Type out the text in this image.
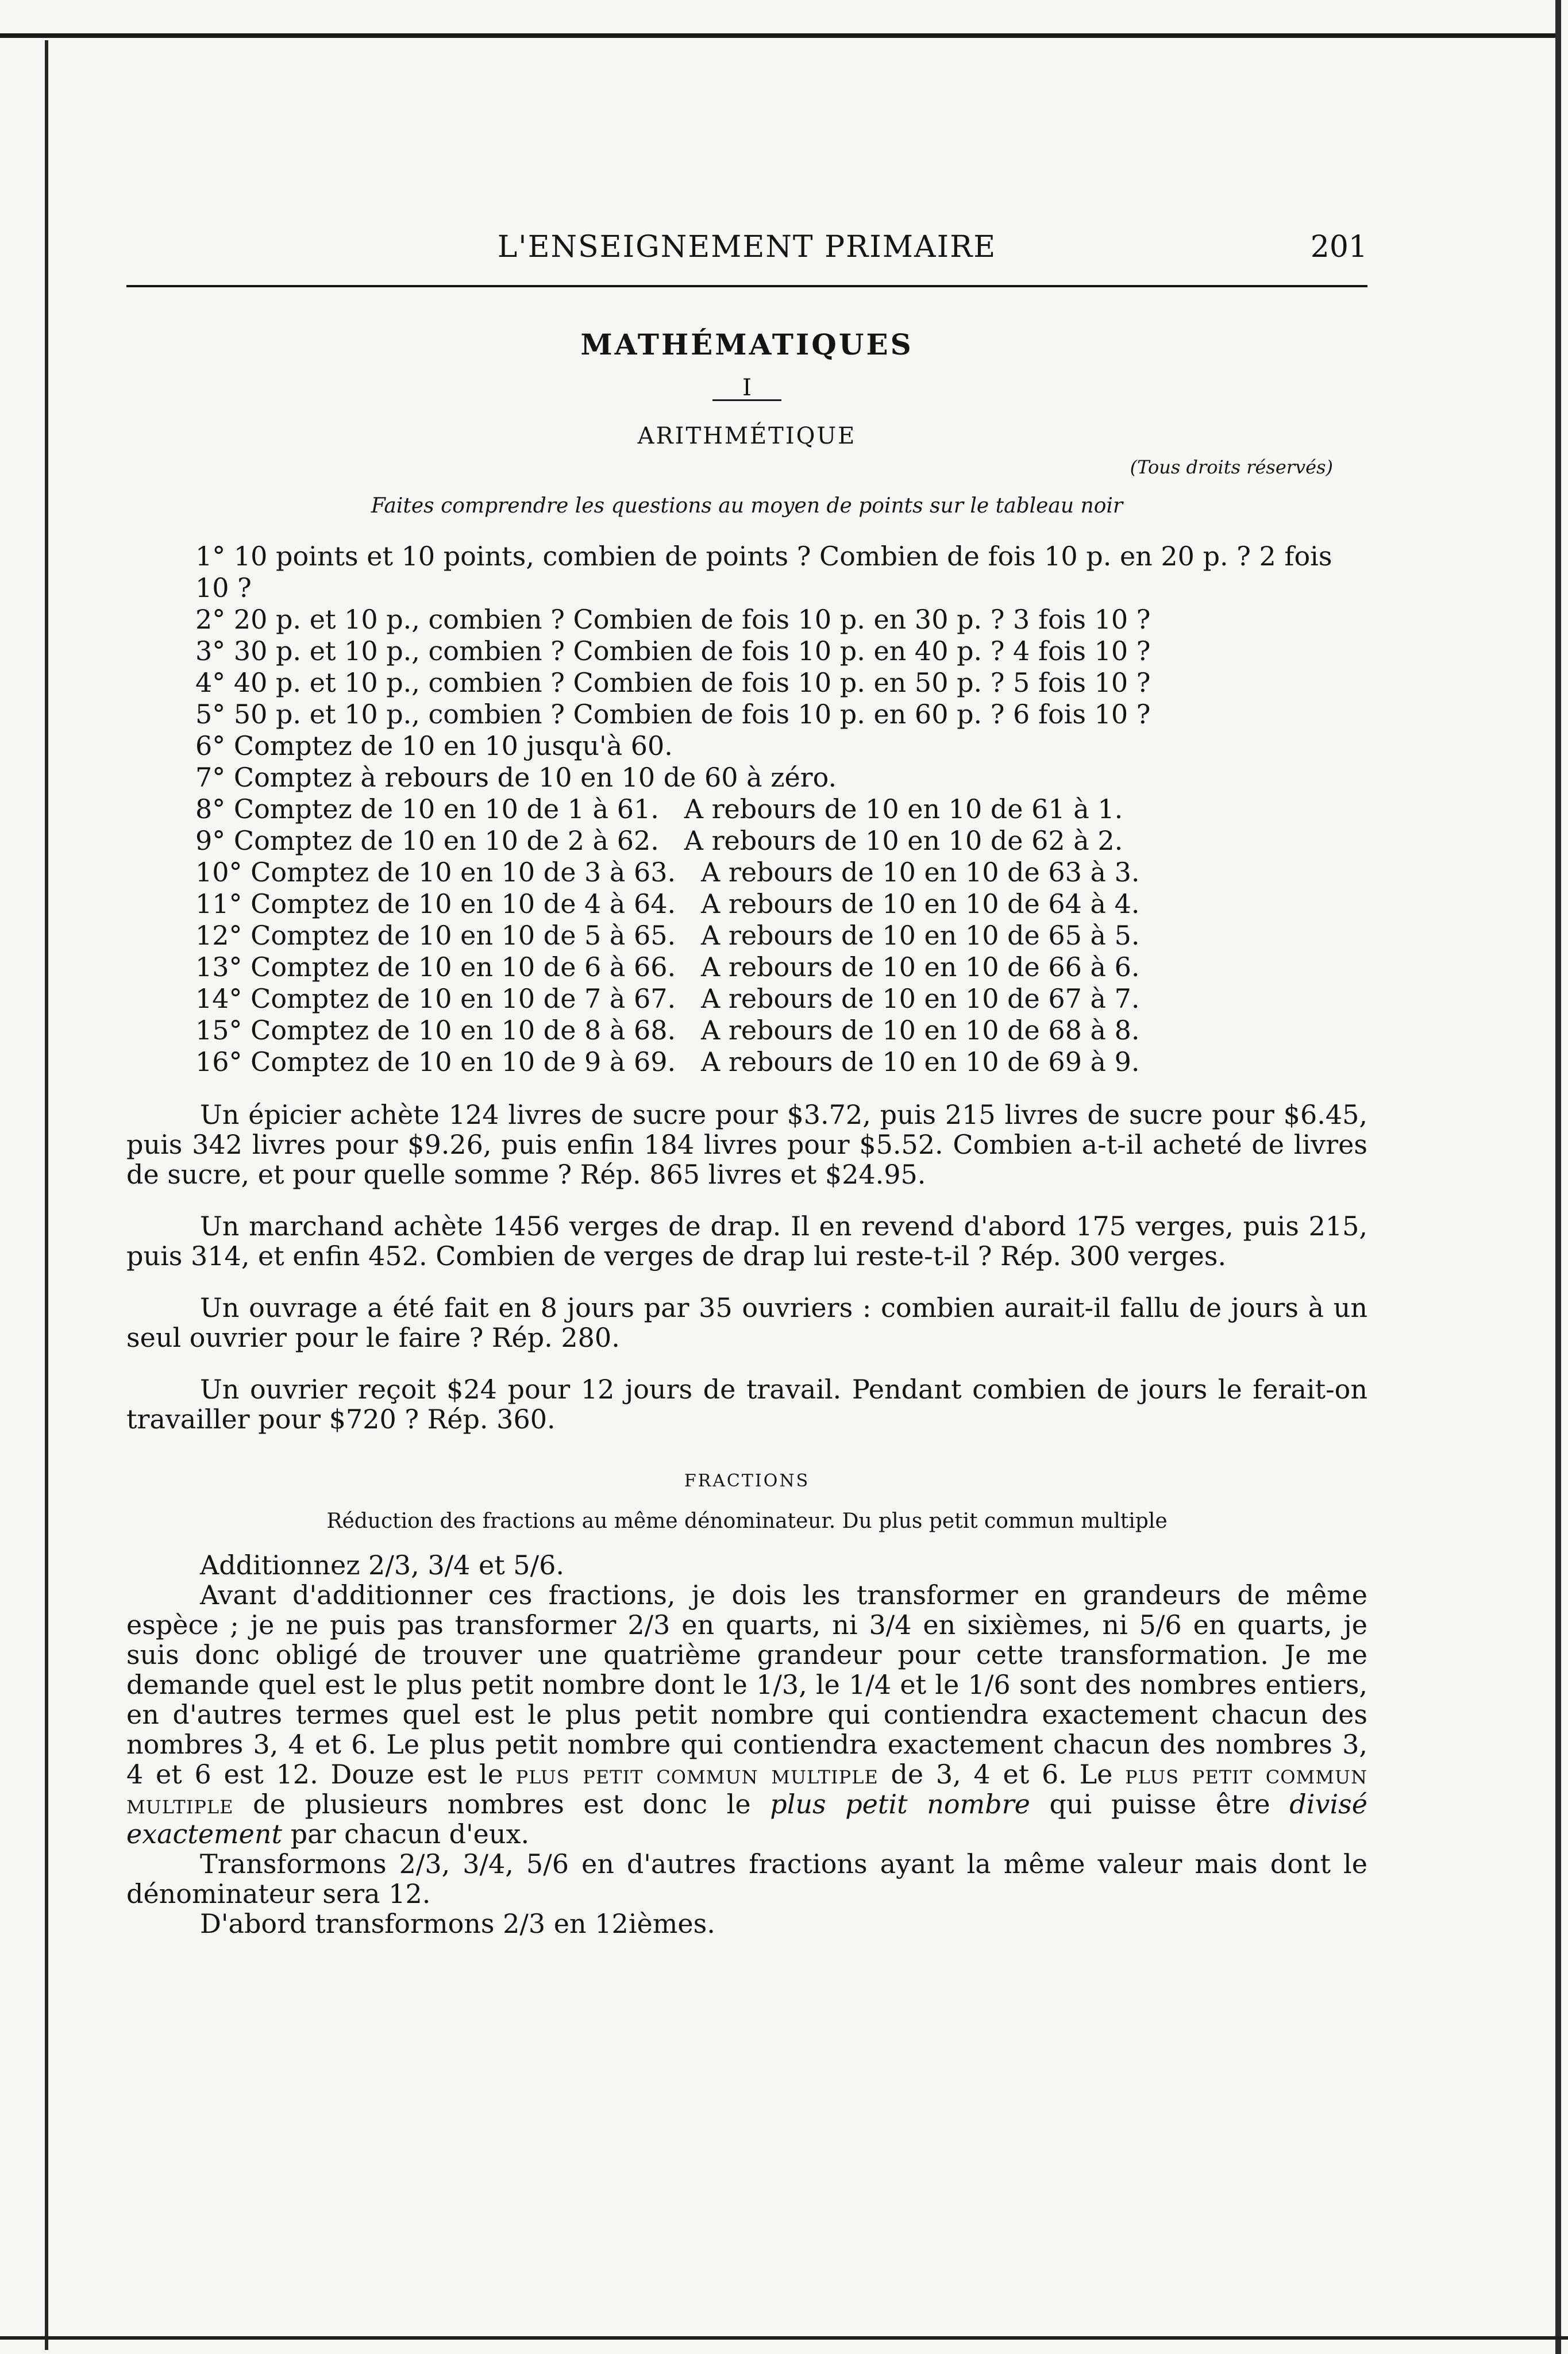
L'ENSEIGNEMENT PRIMAIRE	201
MATHÉMATIQUES
I
ARITHMÉTIQUE
(Tous droits réservés)
Faites comprendre les questions au moyen de points sur le tableau noir
1° 10 points et 10 points, combien de points ? Combien de fois 10 p. en 20 p. ? 2 fois 10 ?
2° 20 p. et 10 p., combien ? Combien de fois 10 p. en 30 p. ? 3 fois 10 ?
3° 30 p. et 10 p., combien ? Combien de fois 10 p. en 40 p. ? 4 fois 10 ?
4° 40 p. et 10 p., combien ? Combien de fois 10 p. en 50 p. ? 5 fois 10 ?
5° 50 p. et 10 p., combien ? Combien de fois 10 p. en 60 p. ? 6 fois 10 ?
6° Comptez de 10 en 10 jusqu'à 60.
7° Comptez à rebours de 10 en 10 de 60 à zéro.
8° Comptez de 10 en 10 de 1 à 61.   A rebours de 10 en 10 de 61 à 1.
9° Comptez de 10 en 10 de 2 à 62.   A rebours de 10 en 10 de 62 à 2.
10° Comptez de 10 en 10 de 3 à 63.   A rebours de 10 en 10 de 63 à 3.
11° Comptez de 10 en 10 de 4 à 64.   A rebours de 10 en 10 de 64 à 4.
12° Comptez de 10 en 10 de 5 à 65.   A rebours de 10 en 10 de 65 à 5.
13° Comptez de 10 en 10 de 6 à 66.   A rebours de 10 en 10 de 66 à 6.
14° Comptez de 10 en 10 de 7 à 67.   A rebours de 10 en 10 de 67 à 7.
15° Comptez de 10 en 10 de 8 à 68.   A rebours de 10 en 10 de 68 à 8.
16° Comptez de 10 en 10 de 9 à 69.   A rebours de 10 en 10 de 69 à 9.
Un épicier achète 124 livres de sucre pour $3.72, puis 215 livres de sucre pour $6.45, puis 342 livres pour $9.26, puis enfin 184 livres pour $5.52. Combien a-t-il acheté de livres de sucre, et pour quelle somme ? Rép. 865 livres et $24.95.
Un marchand achète 1456 verges de drap. Il en revend d'abord 175 verges, puis 215, puis 314, et enfin 452. Combien de verges de drap lui reste-t-il ? Rép. 300 verges.
Un ouvrage a été fait en 8 jours par 35 ouvriers : combien aurait-il fallu de jours à un seul ouvrier pour le faire ? Rép. 280.
Un ouvrier reçoit $24 pour 12 jours de travail. Pendant combien de jours le ferait-on travailler pour $720 ? Rép. 360.
FRACTIONS
Réduction des fractions au même dénominateur. Du plus petit commun multiple

Additionnez 2/3, 3/4 et 5/6.

Avant d'additionner ces fractions, je dois les transformer en grandeurs de même espèce ; je ne puis pas transformer 2/3 en quarts, ni 3/4 en sixièmes, ni 5/6 en quarts, je suis donc obligé de trouver une quatrième grandeur pour cette transformation. Je me demande quel est le plus petit nombre dont le 1/3, le 1/4 et le 1/6 sont des nombres entiers, en d'autres termes quel est le plus petit nombre qui contiendra exactement chacun des nombres 3, 4 et 6. Le plus petit nombre qui contiendra exactement chacun des nombres 3, 4 et 6 est 12. Douze est le plus petit commun multiple de 3, 4 et 6. Le plus petit commun multiple de plusieurs nombres est donc le plus petit nombre qui puisse être divisé exactement par chacun d'eux.

Transformons 2/3, 3/4, 5/6 en d'autres fractions ayant la même valeur mais dont le dénominateur sera 12.

D'abord transformons 2/3 en 12ièmes.
